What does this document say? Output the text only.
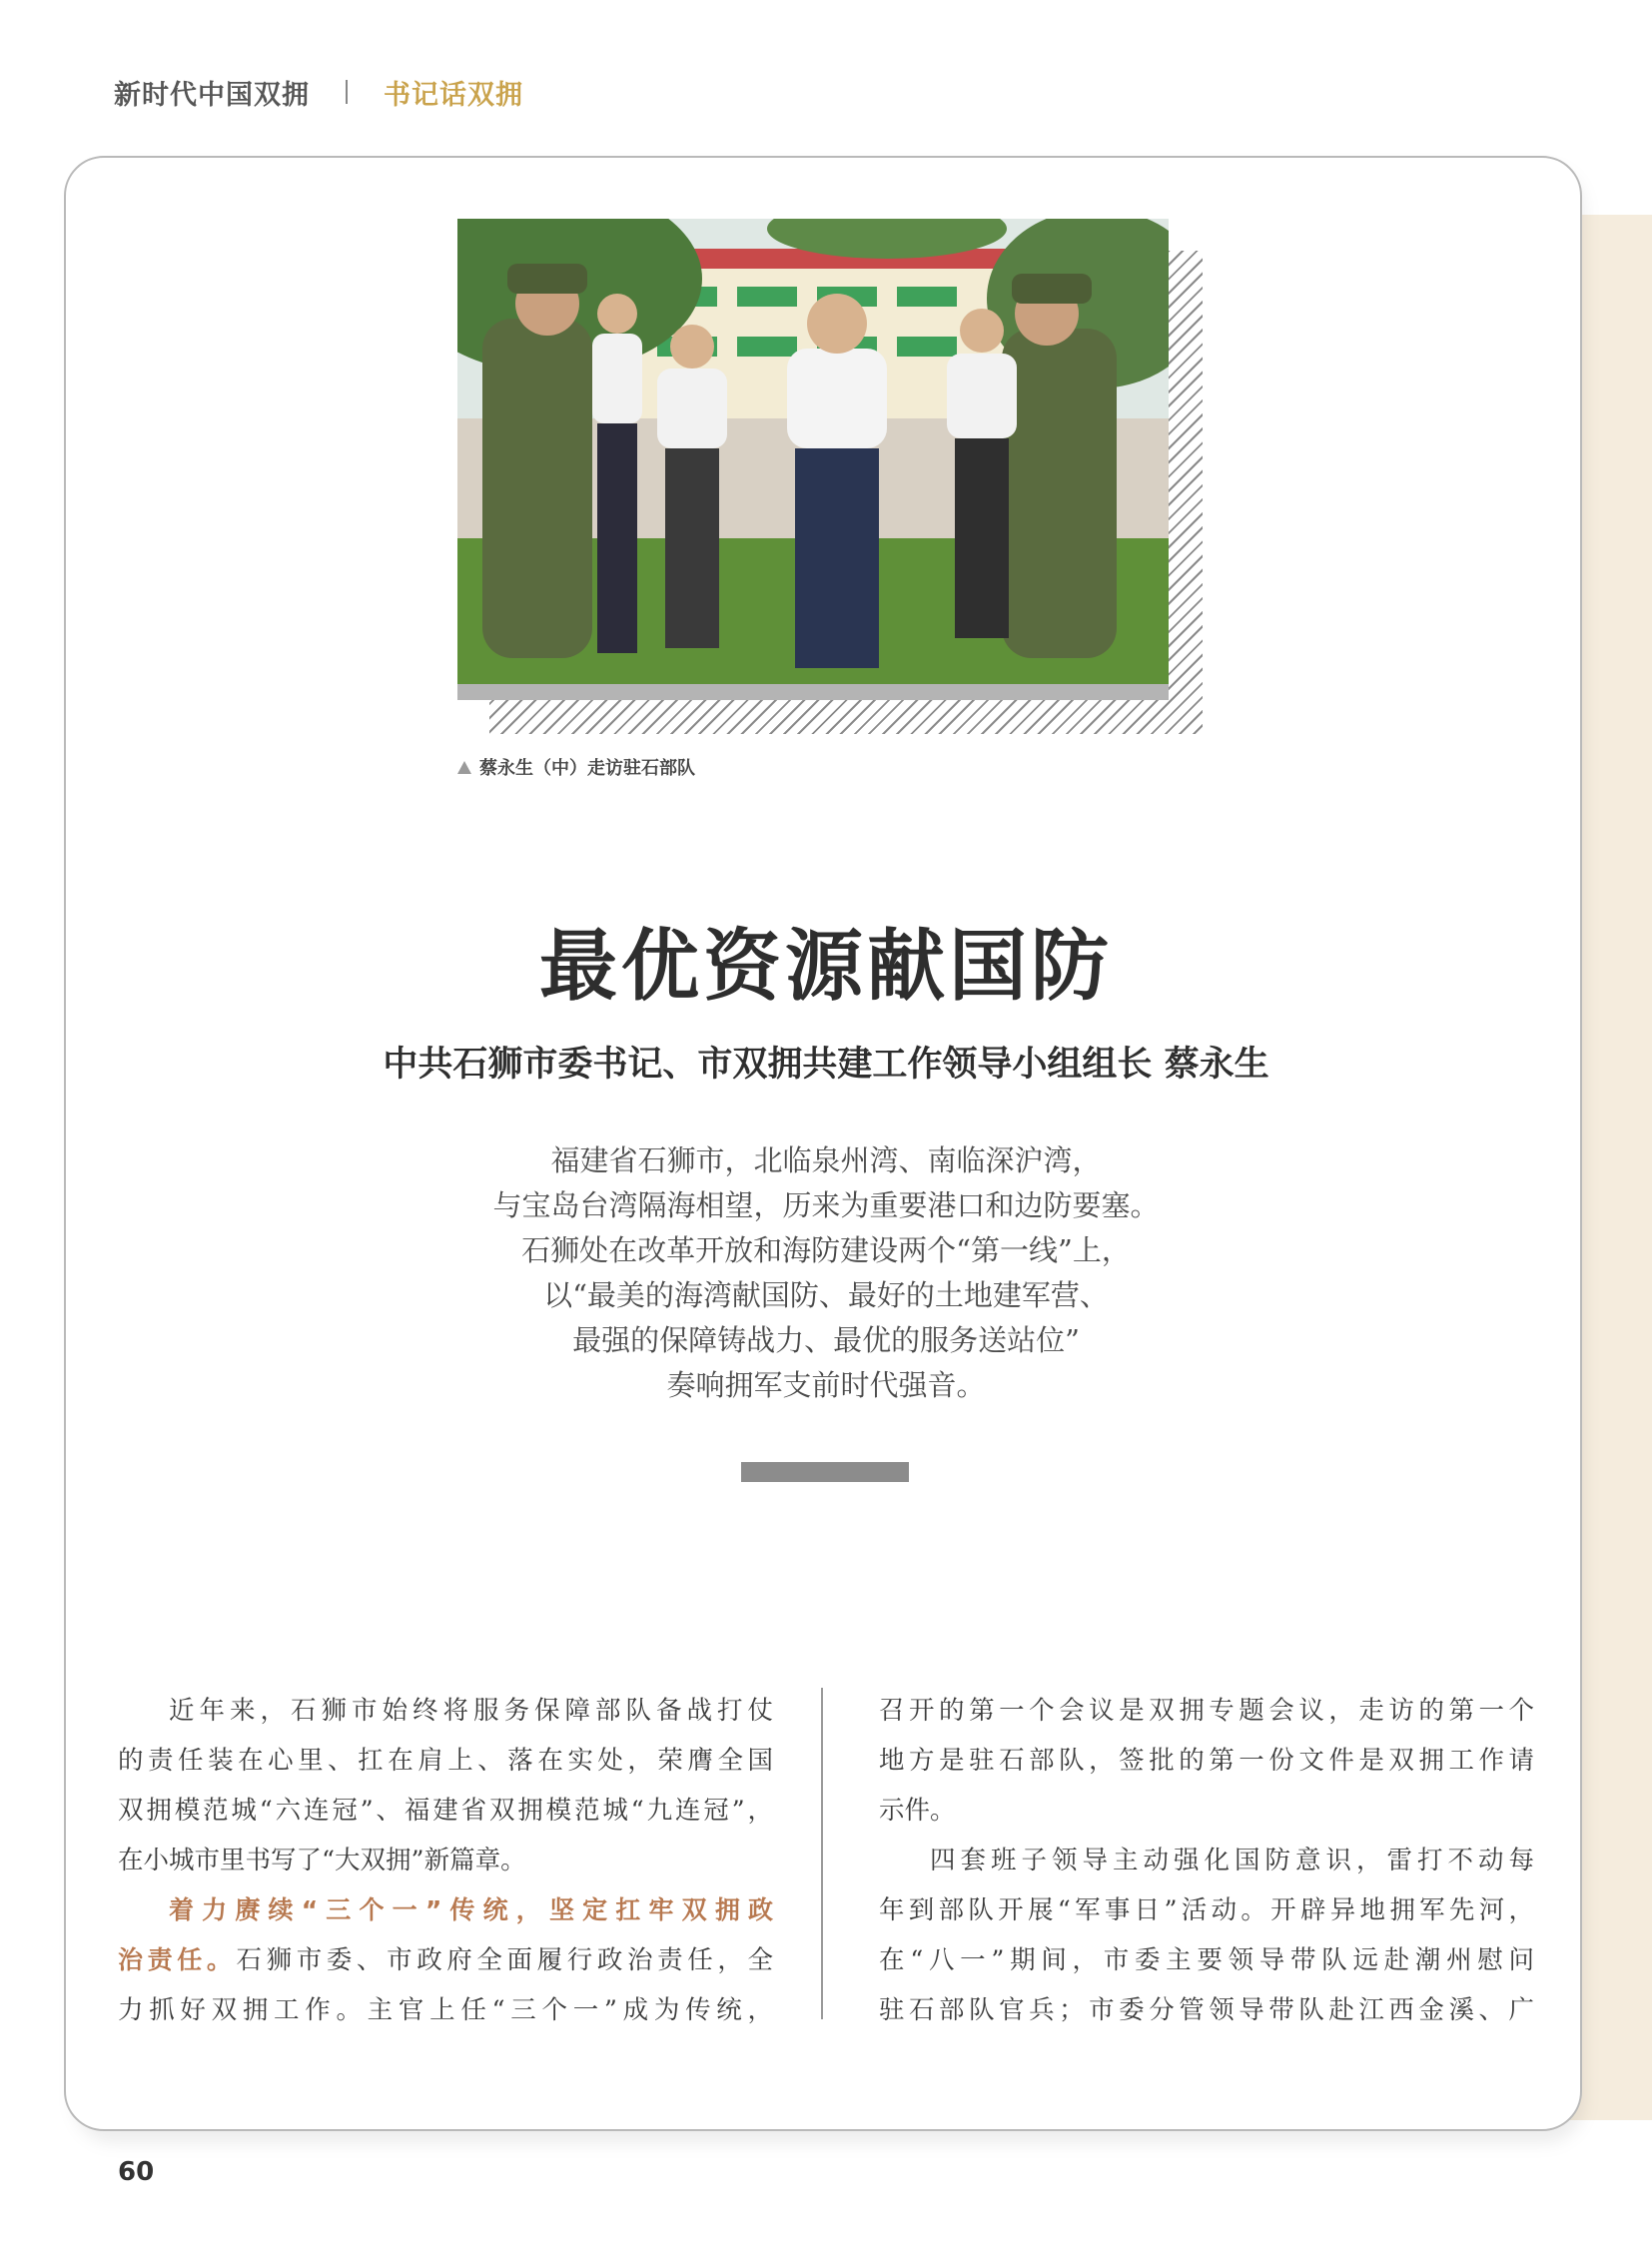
新时代中国双拥	书记话双拥
蔡永生（中）走访驻石部队
最优资源献国防
中共石狮市委书记、市双拥共建工作领导小组组长 蔡永生
福建省石狮市，北临泉州湾、南临深沪湾，
与宝岛台湾隔海相望，历来为重要港口和边防要塞。
石狮处在改革开放和海防建设两个“第一线”上，
以“最美的海湾献国防、最好的土地建军营、
最强的保障铸战力、最优的服务送站位”
奏响拥军支前时代强音。

近年来，石狮市始终将服务保障部队备战打仗

的责任装在心里、扛在肩上、落在实处，荣膺全国

双拥模范城“六连冠”、福建省双拥模范城“九连冠”，

在小城市里书写了“大双拥”新篇章。

着力赓续“三个一”传统，坚定扛牢双拥政

治责任。石狮市委、市政府全面履行政治责任，全

力抓好双拥工作。主官上任“三个一”成为传统，

召开的第一个会议是双拥专题会议，走访的第一个

地方是驻石部队，签批的第一份文件是双拥工作请

示件。

四套班子领导主动强化国防意识，雷打不动每

年到部队开展“军事日”活动。开辟异地拥军先河，

在“八一”期间，市委主要领导带队远赴潮州慰问

驻石部队官兵；市委分管领导带队赴江西金溪、广

60
